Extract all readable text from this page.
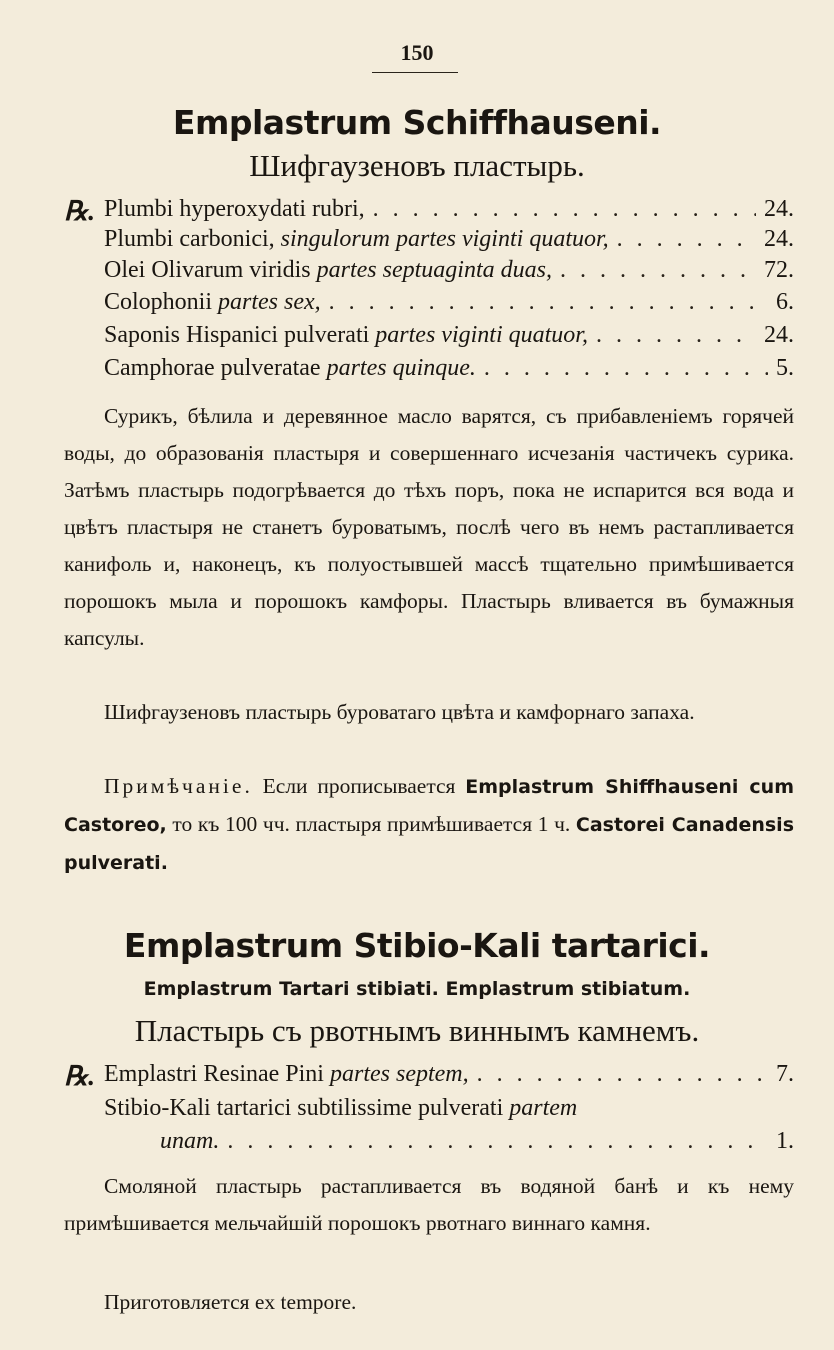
150
Emplastrum Schiffhauseni.
Шифгаузеновъ пластырь.
℞. Plumbi hyperoxydati rubri, . . .	24.
Plumbi carbonici, singulorum partes viginti quatuor, . . .	24.
Olei Olivarum viridis partes septuaginta duas, . . .	72.
Colophonii partes sex, . . .	6.
Saponis Hispanici pulverati partes viginti quatuor, . . .	24.
Camphorae pulveratae partes quinque. . . .	5.
Сурикъ, бѣлила и деревянное масло варятся, съ прибавленіемъ горячей воды, до образованія пластыря и совершеннаго исчезанія частичекъ сурика. Затѣмъ пластырь подогрѣвается до тѣхъ поръ, пока не испарится вся вода и цвѣтъ пластыря не станетъ буроватымъ, послѣ чего въ немъ растапливается канифоль и, наконецъ, къ полуостывшей массѣ тщательно примѣшивается порошокъ мыла и порошокъ камфоры. Пластырь вливается въ бумажныя капсулы.
Шифгаузеновъ пластырь буроватаго цвѣта и камфорнаго запаха.
Примѣчаніе. Если прописывается Emplastrum Shiffhauseni cum Castoreo, то къ 100 чч. пластыря примѣшивается 1 ч. Castorei Canadensis pulverati.
Emplastrum Stibio-Kali tartarici.
Emplastrum Tartari stibiati. Emplastrum stibiatum.
Пластырь съ рвотнымъ виннымъ камнемъ.
℞. Emplastri Resinae Pini partes septem, . . .	7.
Stibio-Kali tartarici subtilissime pulverati partem
unam. . . .	1.
Смоляной пластырь растапливается въ водяной банѣ и къ нему примѣшивается мельчайшій порошокъ рвотнаго виннаго камня.
Приготовляется ex tempore.
